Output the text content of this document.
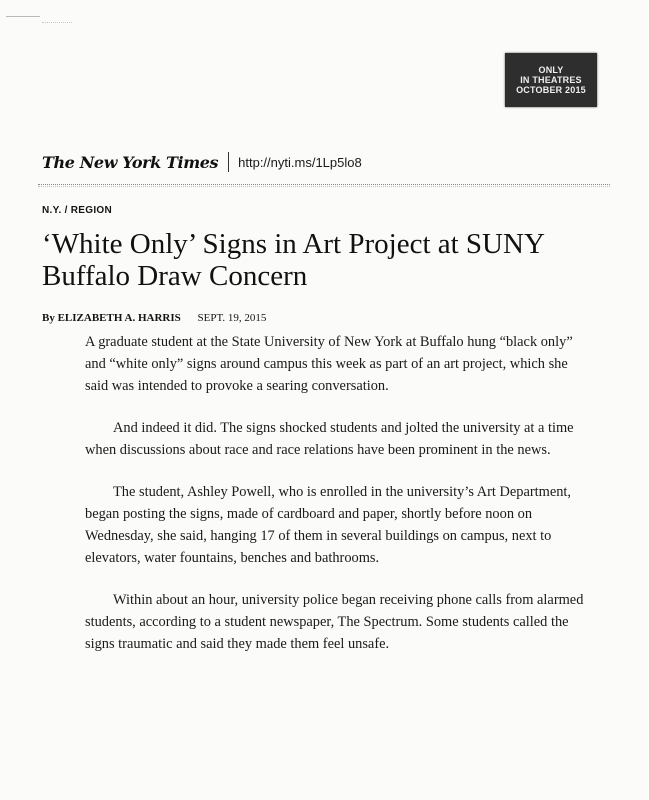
ONLY
IN THEATRES
OCTOBER 2015
The New York Times http://nyti.ms/1Lp5lo8
N.Y. / REGION
‘White Only’ Signs in Art Project at SUNY Buffalo Draw Concern
By ELIZABETH A. HARRIS SEPT. 19, 2015

A graduate student at the State University of New York at Buffalo hung “black only” and “white only” signs around campus this week as part of an art project, which she said was intended to provoke a searing conversation.

And indeed it did. The signs shocked students and jolted the university at a time when discussions about race and race relations have been prominent in the news.

The student, Ashley Powell, who is enrolled in the university’s Art Department, began posting the signs, made of cardboard and paper, shortly before noon on Wednesday, she said, hanging 17 of them in several buildings on campus, next to elevators, water fountains, benches and bathrooms.

Within about an hour, university police began receiving phone calls from alarmed students, according to a student newspaper, The Spectrum. Some students called the signs traumatic and said they made them feel unsafe.
